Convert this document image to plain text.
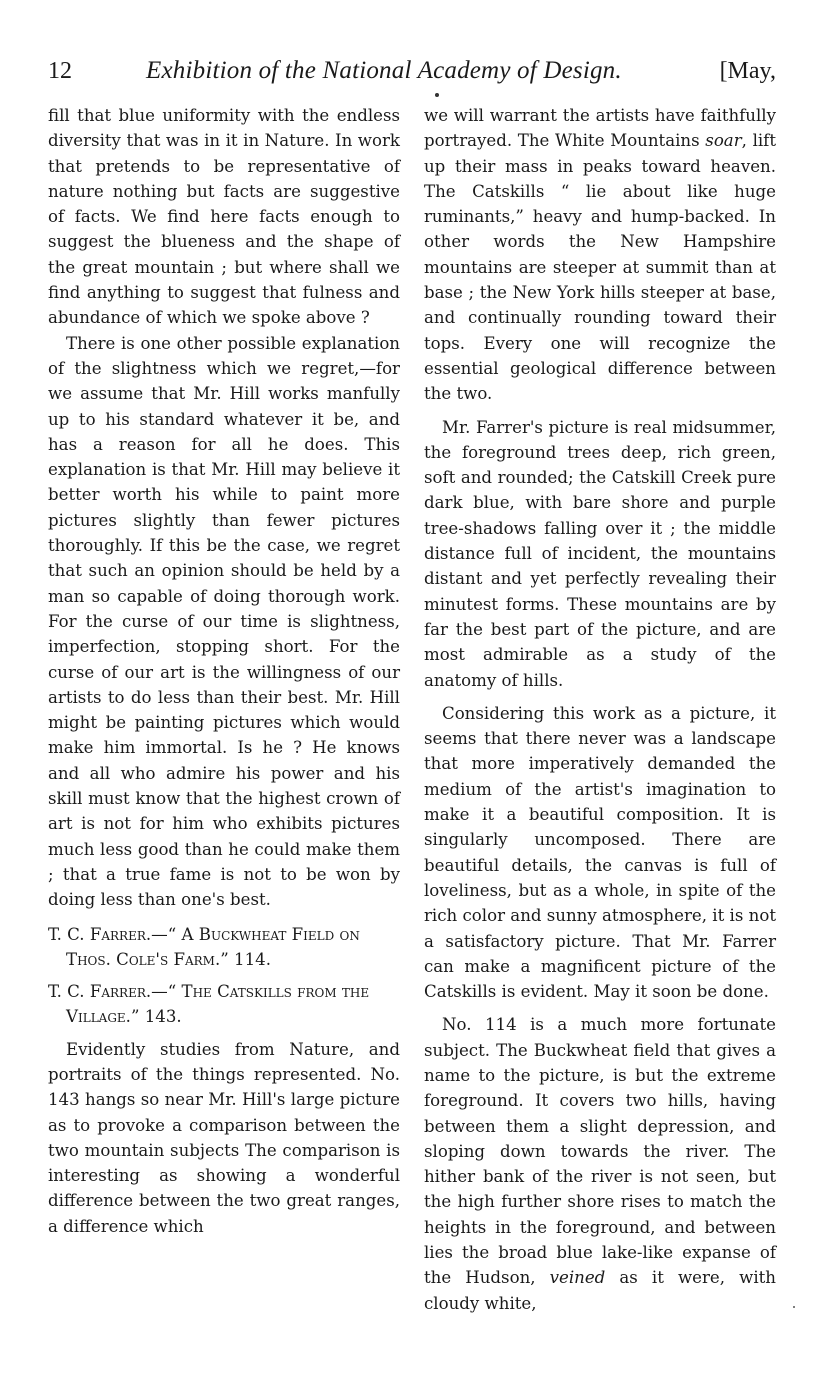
12	Exhibition of the National Academy of Design.	[May,

fill that blue uniformity with the endless diversity that was in it in Nature. In work that pretends to be representative of nature nothing but facts are suggestive of facts. We find here facts enough to suggest the blueness and the shape of the great mountain ; but where shall we find anything to suggest that fulness and abundance of which we spoke above ?

There is one other possible explanation of the slightness which we regret,—for we assume that Mr. Hill works manfully up to his standard whatever it be, and has a reason for all he does. This explanation is that Mr. Hill may believe it better worth his while to paint more pictures slightly than fewer pictures thoroughly. If this be the case, we regret that such an opinion should be held by a man so capable of doing thorough work. For the curse of our time is slightness, imperfection, stopping short. For the curse of our art is the willingness of our artists to do less than their best. Mr. Hill might be painting pictures which would make him immortal. Is he ? He knows and all who admire his power and his skill must know that the highest crown of art is not for him who exhibits pictures much less good than he could make them ; that a true fame is not to be won by doing less than one's best.

T. C. Farrer.—“ A Buckwheat Field on Thos. Cole's Farm.” 114.

T. C. Farrer.—“ The Catskills from the Village.” 143.

Evidently studies from Nature, and portraits of the things represented. No. 143 hangs so near Mr. Hill's large picture as to provoke a comparison between the two mountain subjects The comparison is interesting as showing a wonderful difference between the two great ranges, a difference which

we will warrant the artists have faithfully portrayed. The White Mountains soar, lift up their mass in peaks toward heaven. The Catskills “ lie about like huge ruminants,” heavy and hump-backed. In other words the New Hampshire mountains are steeper at summit than at base ; the New York hills steeper at base, and continually rounding toward their tops. Every one will recognize the essential geological difference between the two.

Mr. Farrer's picture is real midsummer, the foreground trees deep, rich green, soft and rounded; the Catskill Creek pure dark blue, with bare shore and purple tree-shadows falling over it ; the middle distance full of incident, the mountains distant and yet perfectly revealing their minutest forms. These mountains are by far the best part of the picture, and are most admirable as a study of the anatomy of hills.

Considering this work as a picture, it seems that there never was a landscape that more imperatively demanded the medium of the artist's imagination to make it a beautiful composition. It is singularly uncomposed. There are beautiful details, the canvas is full of loveliness, but as a whole, in spite of the rich color and sunny atmosphere, it is not a satisfactory picture. That Mr. Farrer can make a magnificent picture of the Catskills is evident. May it soon be done.

No. 114 is a much more fortunate subject. The Buckwheat field that gives a name to the picture, is but the extreme foreground. It covers two hills, having between them a slight depression, and sloping down towards the river. The hither bank of the river is not seen, but the high further shore rises to match the heights in the foreground, and between lies the broad blue lake-like expanse of the Hudson, veined as it were, with cloudy white,
